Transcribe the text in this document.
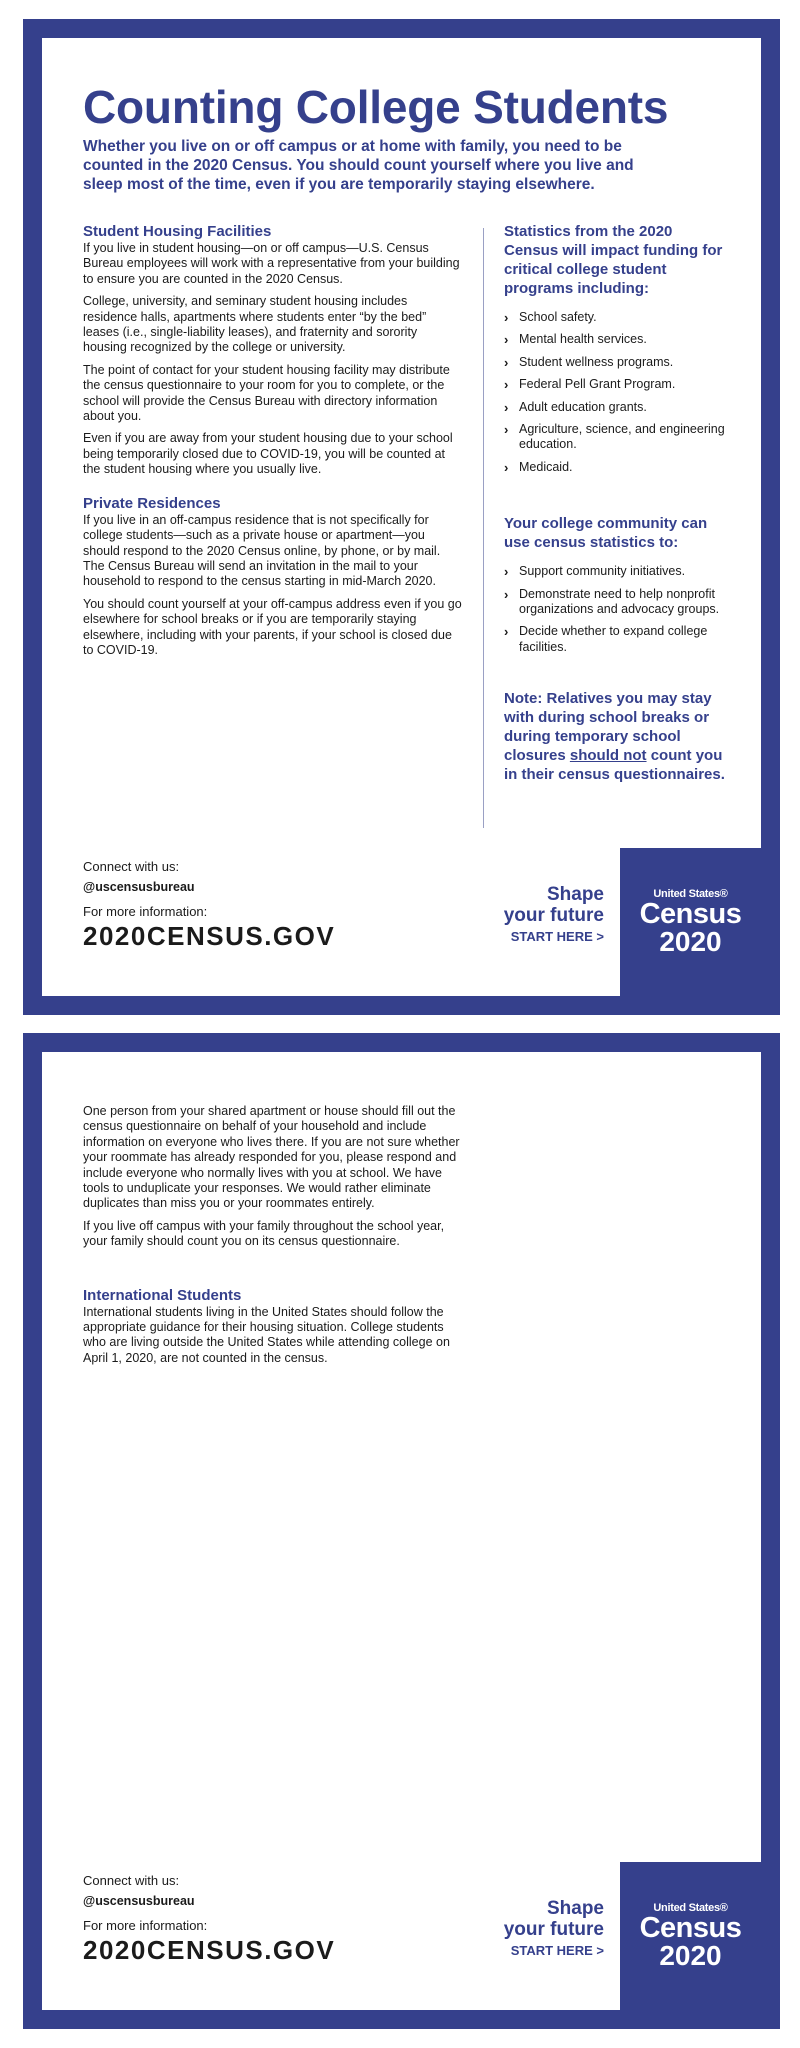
Counting College Students

Whether you live on or off campus or at home with family, you need to be counted in the 2020 Census. You should count yourself where you live and sleep most of the time, even if you are temporarily staying elsewhere.

Student Housing Facilities

If you live in student housing—on or off campus—U.S. Census Bureau employees will work with a representative from your building to ensure you are counted in the 2020 Census.

College, university, and seminary student housing includes residence halls, apartments where students enter “by the bed” leases (i.e., single-liability leases), and fraternity and sorority housing recognized by the college or university.

The point of contact for your student housing facility may distribute the census questionnaire to your room for you to complete, or the school will provide the Census Bureau with directory information about you.

Even if you are away from your student housing due to your school being temporarily closed due to COVID-19, you will be counted at the student housing where you usually live.

Private Residences

If you live in an off-campus residence that is not specifically for college students—such as a private house or apartment—you should respond to the 2020 Census online, by phone, or by mail. The Census Bureau will send an invitation in the mail to your household to respond to the census starting in mid-March 2020.

You should count yourself at your off-campus address even if you go elsewhere for school breaks or if you are temporarily staying elsewhere, including with your parents, if your school is closed due to COVID-19.

Statistics from the 2020 Census will impact funding for critical college student programs including:
› School safety.
› Mental health services.
› Student wellness programs.
› Federal Pell Grant Program.
› Adult education grants.
› Agriculture, science, and engineering education.
› Medicaid.
Your college community can use census statistics to:
› Support community initiatives.
› Demonstrate need to help nonprofit organizations and advocacy groups.
› Decide whether to expand college facilities.

Note: Relatives you may stay with during school breaks or during temporary school closures should not count you in their census questionnaires.

Connect with us:

@uscensusbureau

For more information:

2020CENSUS.GOV

Shape
your future
START HERE >
United States®
Census
2020

One person from your shared apartment or house should fill out the census questionnaire on behalf of your household and include information on everyone who lives there. If you are not sure whether your roommate has already responded for you, please respond and include everyone who normally lives with you at school. We have tools to unduplicate your responses. We would rather eliminate duplicates than miss you or your roommates entirely.

If you live off campus with your family throughout the school year, your family should count you on its census questionnaire.

International Students

International students living in the United States should follow the appropriate guidance for their housing situation. College students who are living outside the United States while attending college on April 1, 2020, are not counted in the census.

Connect with us:

@uscensusbureau

For more information:

2020CENSUS.GOV

Shape
your future
START HERE >
United States®
Census
2020
